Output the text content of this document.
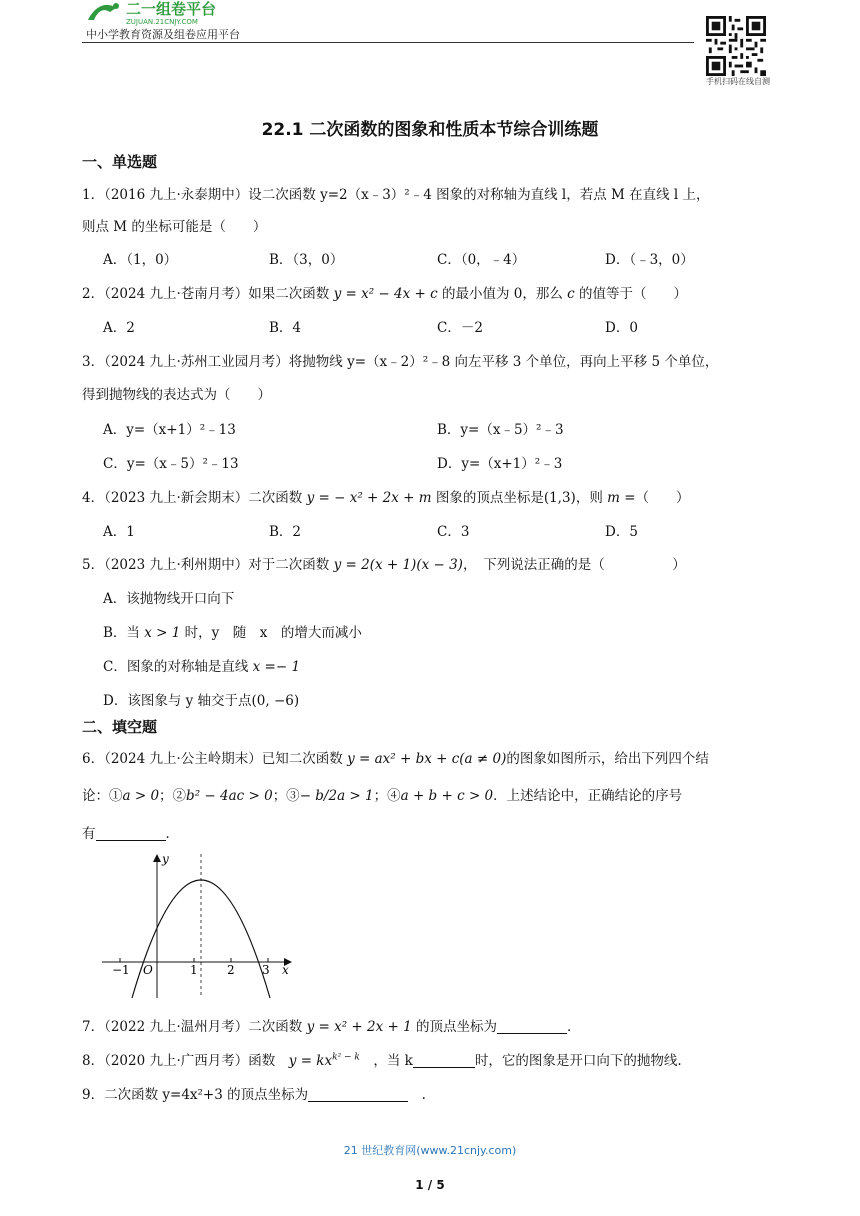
二一组卷平台
ZUJUAN.21CNJY.COM
中小学教育资源及组卷应用平台
手机扫码在线自测
22.1 二次函数的图象和性质本节综合训练题
一、单选题
1．（2016 九上·永泰期中）设二次函数 y=2（x﹣3）²﹣4 图象的对称轴为直线 l，若点 M 在直线 l 上，
则点 M 的坐标可能是（　　）
A．（1，0）	B．（3，0）	C．（0，﹣4）	D．（﹣3，0）
2．（2024 九上·苍南月考）如果二次函数 y = x² − 4x + c 的最小值为 0，那么 c 的值等于（　　）
A．2	B．4	C．－2	D．0
3．（2024 九上·苏州工业园月考）将抛物线 y=（x﹣2）²﹣8 向左平移 3 个单位，再向上平移 5 个单位，
得到抛物线的表达式为（　　）
A．y=（x+1）²﹣13	B．y=（x﹣5）²﹣3
C．y=（x﹣5）²﹣13	D．y=（x+1）²﹣3
4．（2023 九上·新会期末）二次函数 y = − x² + 2x + m 图象的顶点坐标是(1,3)，则 m =（　　）
A．1	B．2	C．3	D．5
5．（2023 九上·利州期中）对于二次函数 y = 2(x + 1)(x − 3)，　下列说法正确的是（　　　　　）
A．该抛物线开口向下
B．当 x > 1 时，y　随　x　的增大而减小
C．图象的对称轴是直线 x =− 1
D．该图象与 y 轴交于点(0, −6)
二、填空题
6．（2024 九上·公主岭期末）已知二次函数 y = ax² + bx + c(a ≠ 0)的图象如图所示，给出下列四个结
论：①a > 0；②b² − 4ac > 0；③− b/2a > 1；④a + b + c > 0．上述结论中，正确结论的序号
有	．
y
x
O
−1	1 2 3
7．（2022 九上·温州月考）二次函数 y = x² + 2x + 1 的顶点坐标为	．
8．（2020 九上·广西月考）函数　$y = kx^{k^2 - k}$　，当 k	时，它的图象是开口向下的抛物线.
9．二次函数 y=4x²+3 的顶点坐标为	　.
21 世纪教育网(www.21cnjy.com)
1 / 5
